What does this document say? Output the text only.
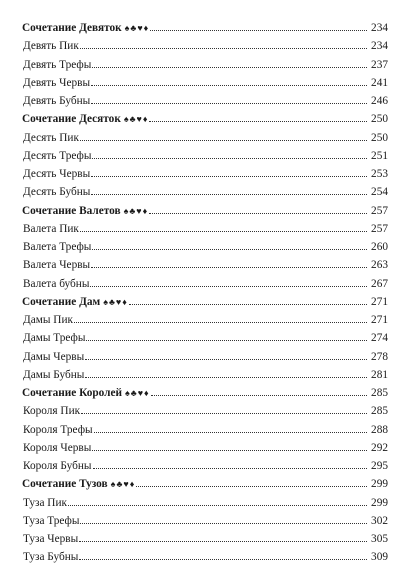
Сочетание Девяток ♠♣♥♦	234
Девять Пик	234
Девять Трефы	237
Девять Червы	241
Девять Бубны	246
Сочетание Десяток ♠♣♥♦	250
Десять Пик	250
Десять Трефы	251
Десять Червы	253
Десять Бубны	254
Сочетание Валетов ♠♣♥♦	257
Валета Пик	257
Валета Трефы	260
Валета Червы	263
Валета бубны	267
Сочетание Дам ♠♣♥♦	271
Дамы Пик	271
Дамы Трефы	274
Дамы Червы	278
Дамы Бубны	281
Сочетание Королей ♠♣♥♦	285
Короля Пик	285
Короля Трефы	288
Короля Червы	292
Короля Бубны	295
Сочетание Тузов ♠♣♥♦	299
Туза Пик	299
Туза Трефы	302
Туза Червы	305
Туза Бубны	309
